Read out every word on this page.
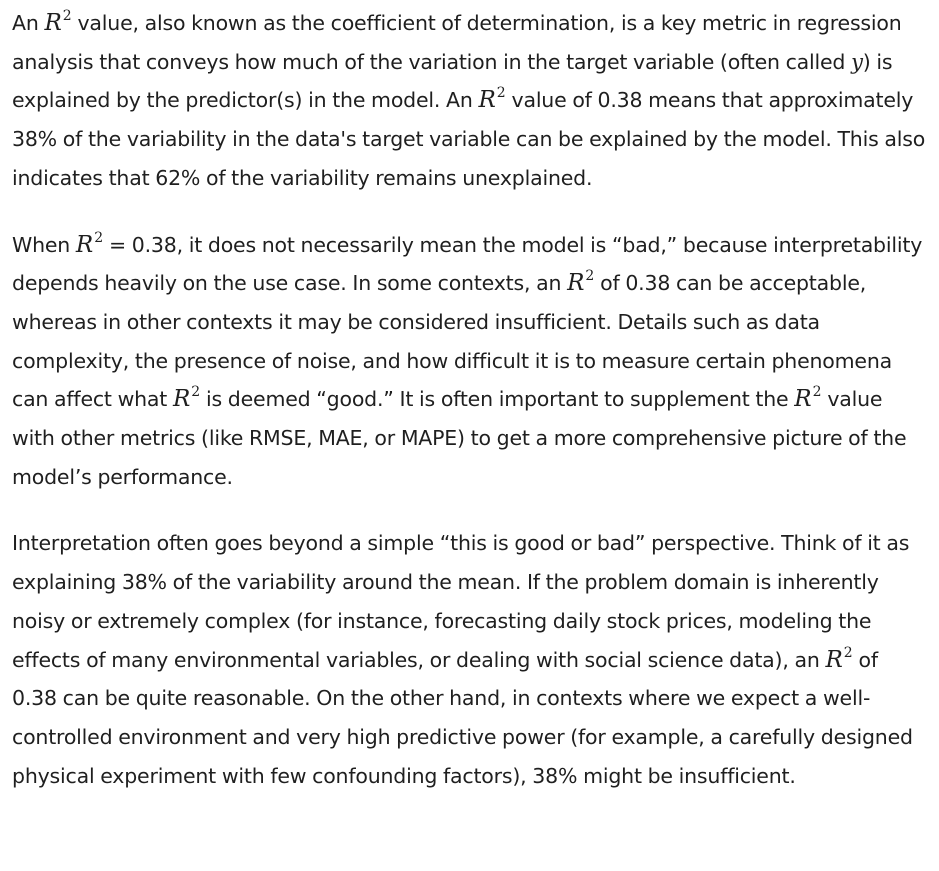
An $R^2$ value, also known as the coefficient of determination, is a key metric in regression analysis that conveys how much of the variation in the target variable (often called y) is explained by the predictor(s) in the model. An $R^2$ value of 0.38 means that approximately 38% of the variability in the data's target variable can be explained by the model. This also indicates that 62% of the variability remains unexplained.

When $R^2 = 0.38$, it does not necessarily mean the model is “bad,” because interpretability depends heavily on the use case. In some contexts, an $R^2$ of 0.38 can be acceptable, whereas in other contexts it may be considered insufficient. Details such as data complexity, the presence of noise, and how difficult it is to measure certain phenomena can affect what $R^2$ is deemed “good.” It is often important to supplement the $R^2$ value with other metrics (like RMSE, MAE, or MAPE) to get a more comprehensive picture of the model’s performance.

Interpretation often goes beyond a simple “this is good or bad” perspective. Think of it as explaining 38% of the variability around the mean. If the problem domain is inherently noisy or extremely complex (for instance, forecasting daily stock prices, modeling the effects of many environmental variables, or dealing with social science data), an $R^2$ of 0.38 can be quite reasonable. On the other hand, in contexts where we expect a well-controlled environment and very high predictive power (for example, a carefully designed physical experiment with few confounding factors), 38% might be insufficient.
